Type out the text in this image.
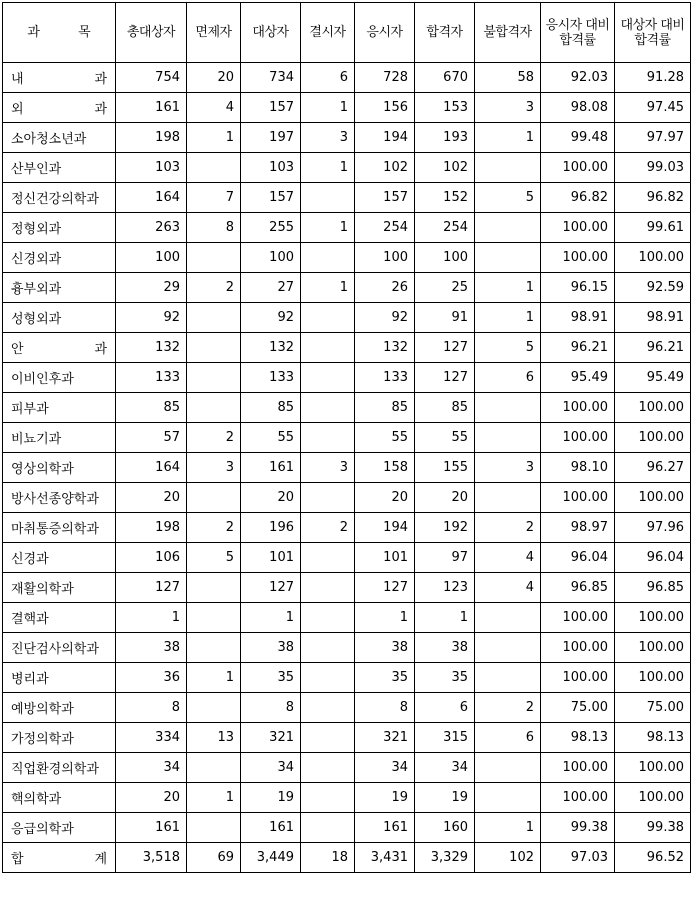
과 목	총대상자	면제자	대상자	결시자	응시자	합격자	불합격자	응시자 대비 합격률	대상자 대비 합격률
내 과	754	20	734	6	728	670	58	92.03	91.28
외 과	161	4	157	1	156	153	3	98.08	97.45
소아청소년과	198	1	197	3	194	193	1	99.48	97.97
산부인과	103		103	1	102	102		100.00	99.03
정신건강의학과	164	7	157		157	152	5	96.82	96.82
정형외과	263	8	255	1	254	254		100.00	99.61
신경외과	100		100		100	100		100.00	100.00
흉부외과	29	2	27	1	26	25	1	96.15	92.59
성형외과	92		92		92	91	1	98.91	98.91
안 과	132		132		132	127	5	96.21	96.21
이비인후과	133		133		133	127	6	95.49	95.49
피부과	85		85		85	85		100.00	100.00
비뇨기과	57	2	55		55	55		100.00	100.00
영상의학과	164	3	161	3	158	155	3	98.10	96.27
방사선종양학과	20		20		20	20		100.00	100.00
마취통증의학과	198	2	196	2	194	192	2	98.97	97.96
신경과	106	5	101		101	97	4	96.04	96.04
재활의학과	127		127		127	123	4	96.85	96.85
결핵과	1		1		1	1		100.00	100.00
진단검사의학과	38		38		38	38		100.00	100.00
병리과	36	1	35		35	35		100.00	100.00
예방의학과	8		8		8	6	2	75.00	75.00
가정의학과	334	13	321		321	315	6	98.13	98.13
직업환경의학과	34		34		34	34		100.00	100.00
핵의학과	20	1	19		19	19		100.00	100.00
응급의학과	161		161		161	160	1	99.38	99.38
합 계	3,518	69	3,449	18	3,431	3,329	102	97.03	96.52
